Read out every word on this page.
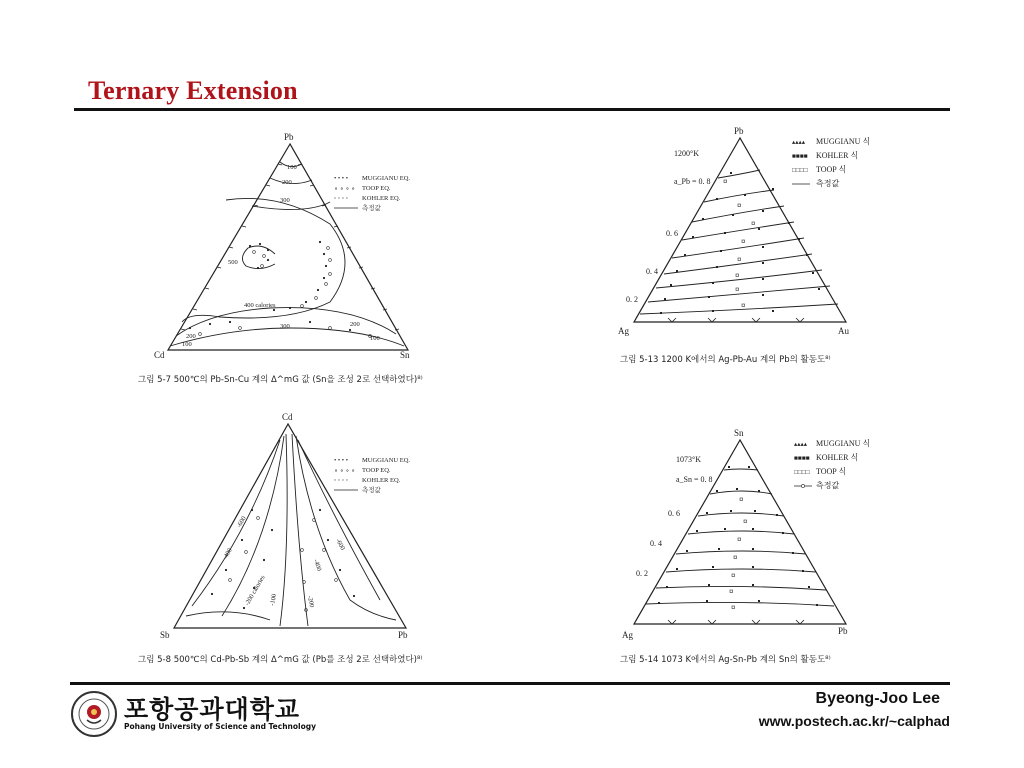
Ternary Extension
Pb
Cd	Sn
100
200
300
500
400 calories
300	200
100
200
100
• • • •
∘ ∘ ∘ ∘
◦ ◦ ◦ ◦
MUGGIANU EQ.
TOOP EQ.
KOHLER EQ.
측정값
그림 5-7 500℃의 Pb-Sn-Cu 계의 Δ^mG 값 (Sn을 조성 2로 선택하였다)⁸⁾
Pb
Ag	Au
1200°K
a_Pb = 0. 8
0. 6
0. 4
0. 2
▴▴▴▴
■■■■
□□□□
MUGGIANU 식
KOHLER 식
TOOP 식
측정값
그림 5-13 1200 K에서의 Ag-Pb-Au 계의 Pb의 활동도⁸⁾
Cd
Sb	Pb
-600
-400
-200 calories -100
-600
-400
-200
• • • •
∘ ∘ ∘ ∘
◦ ◦ ◦ ◦
MUGGIANU EQ.
TOOP EQ.
KOHLER EQ.
측정값
그림 5-8 500℃의 Cd-Pb-Sb 계의 Δ^mG 값 (Pb를 조성 2로 선택하였다)⁸⁾
Sn
Ag	Pb
1073°K
a_Sn = 0. 8
0. 6
0. 4
0. 2
▴▴▴▴
■■■■
□□□□
MUGGIANU 식
KOHLER 식
TOOP 식
측정값
그림 5-14 1073 K에서의 Ag-Sn-Pb 계의 Sn의 활동도⁸⁾
포항공과대학교
Pohang University of Science and Technology
Byeong-Joo Lee
www.postech.ac.kr/~calphad
